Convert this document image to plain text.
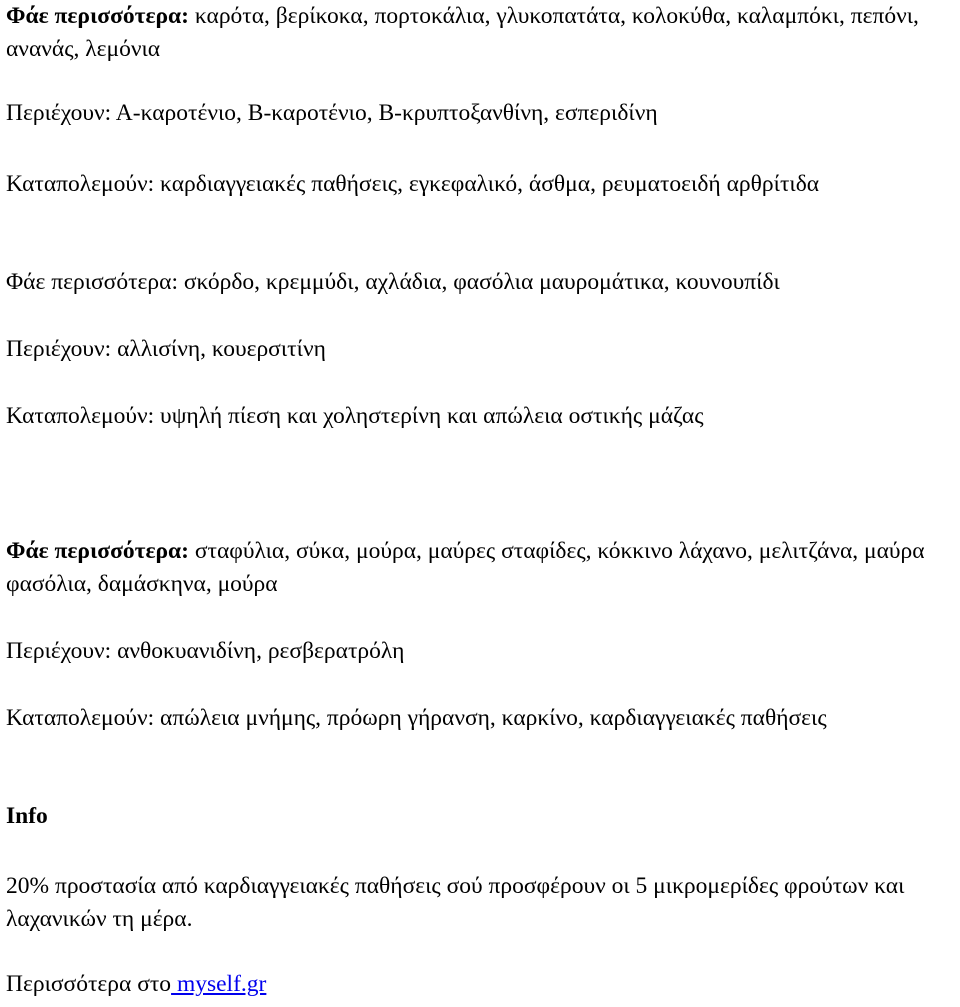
Φάε περισσότερα: καρότα, βερίκοκα, πορτοκάλια, γλυκοπατάτα, κολοκύθα, καλαμπόκι, πεπόνι, ανανάς, λεμόνια

Περιέχουν: Α-καροτένιο, Β-καροτένιο, Β-κρυπτοξανθίνη, εσπεριδίνη

Καταπολεμούν: καρδιαγγειακές παθήσεις, εγκεφαλικό, άσθμα, ρευματοειδή αρθρίτιδα

Φάε περισσότερα: σκόρδο, κρεμμύδι, αχλάδια, φασόλια μαυρομάτικα, κουνουπίδι

Περιέχουν: αλλισίνη, κουερσιτίνη

Καταπολεμούν: υψηλή πίεση και χοληστερίνη και απώλεια οστικής μάζας

Φάε περισσότερα: σταφύλια, σύκα, μούρα, μαύρες σταφίδες, κόκκινο λάχανο, μελιτζάνα, μαύρα φασόλια, δαμάσκηνα, μούρα

Περιέχουν: ανθοκυανιδίνη, ρεσβερατρόλη

Καταπολεμούν: απώλεια μνήμης, πρόωρη γήρανση, καρκίνο, καρδιαγγειακές παθήσεις

Info

20% προστασία από καρδιαγγειακές παθήσεις σού προσφέρουν οι 5 μικρομερίδες φρούτων και λαχανικών τη μέρα.

Περισσότερα στο myself.gr
